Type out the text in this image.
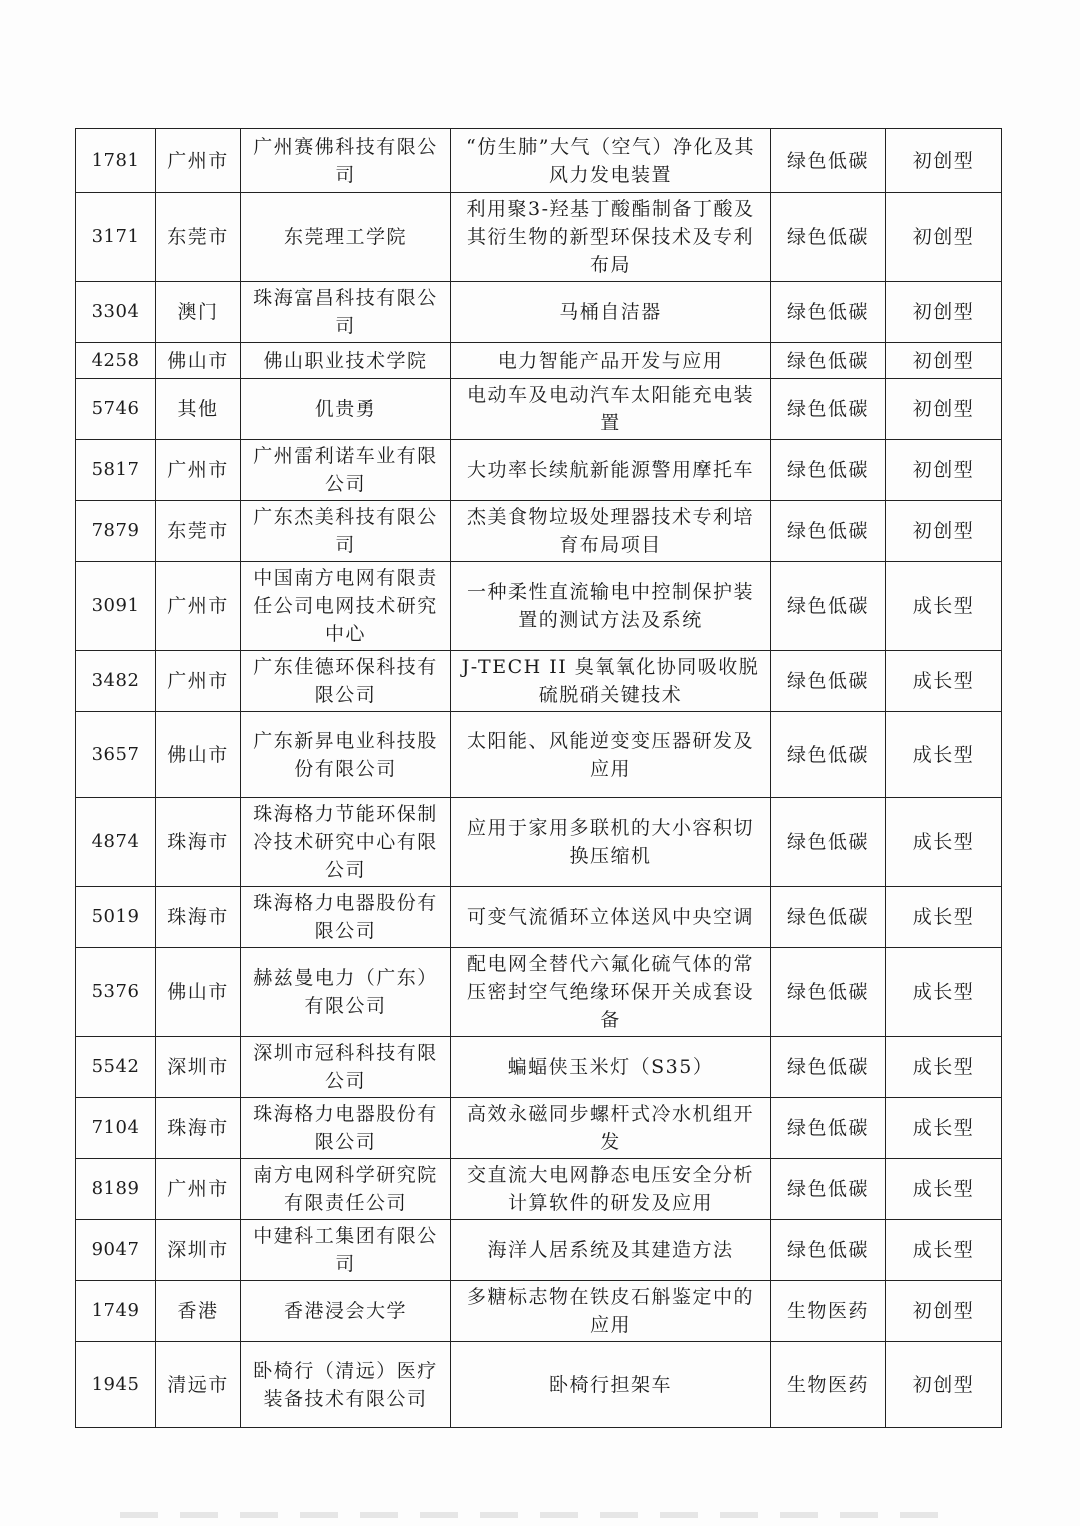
1781	广州市	广州赛佛科技有限公司	“仿生肺”大气（空气）净化及其风力发电装置	绿色低碳	初创型
3171	东莞市	东莞理工学院	利用聚3-羟基丁酸酯制备丁酸及其衍生物的新型环保技术及专利布局	绿色低碳	初创型
3304	澳门	珠海富昌科技有限公司	马桶自洁器	绿色低碳	初创型
4258	佛山市	佛山职业技术学院	电力智能产品开发与应用	绿色低碳	初创型
5746	其他	仉贵勇	电动车及电动汽车太阳能充电装置	绿色低碳	初创型
5817	广州市	广州雷利诺车业有限公司	大功率长续航新能源警用摩托车	绿色低碳	初创型
7879	东莞市	广东杰美科技有限公司	杰美食物垃圾处理器技术专利培育布局项目	绿色低碳	初创型
3091	广州市	中国南方电网有限责任公司电网技术研究中心	一种柔性直流输电中控制保护装置的测试方法及系统	绿色低碳	成长型
3482	广州市	广东佳德环保科技有限公司	J-TECH II 臭氧氧化协同吸收脱硫脱硝关键技术	绿色低碳	成长型
3657	佛山市	广东新昇电业科技股份有限公司	太阳能、风能逆变变压器研发及应用	绿色低碳	成长型
4874	珠海市	珠海格力节能环保制冷技术研究中心有限公司	应用于家用多联机的大小容积切换压缩机	绿色低碳	成长型
5019	珠海市	珠海格力电器股份有限公司	可变气流循环立体送风中央空调	绿色低碳	成长型
5376	佛山市	赫兹曼电力（广东）有限公司	配电网全替代六氟化硫气体的常压密封空气绝缘环保开关成套设备	绿色低碳	成长型
5542	深圳市	深圳市冠科科技有限公司	蝙蝠侠玉米灯（S35）	绿色低碳	成长型
7104	珠海市	珠海格力电器股份有限公司	高效永磁同步螺杆式冷水机组开发	绿色低碳	成长型
8189	广州市	南方电网科学研究院有限责任公司	交直流大电网静态电压安全分析计算软件的研发及应用	绿色低碳	成长型
9047	深圳市	中建科工集团有限公司	海洋人居系统及其建造方法	绿色低碳	成长型
1749	香港	香港浸会大学	多糖标志物在铁皮石斛鉴定中的应用	生物医药	初创型
1945	清远市	卧椅行（清远）医疗装备技术有限公司	卧椅行担架车	生物医药	初创型
